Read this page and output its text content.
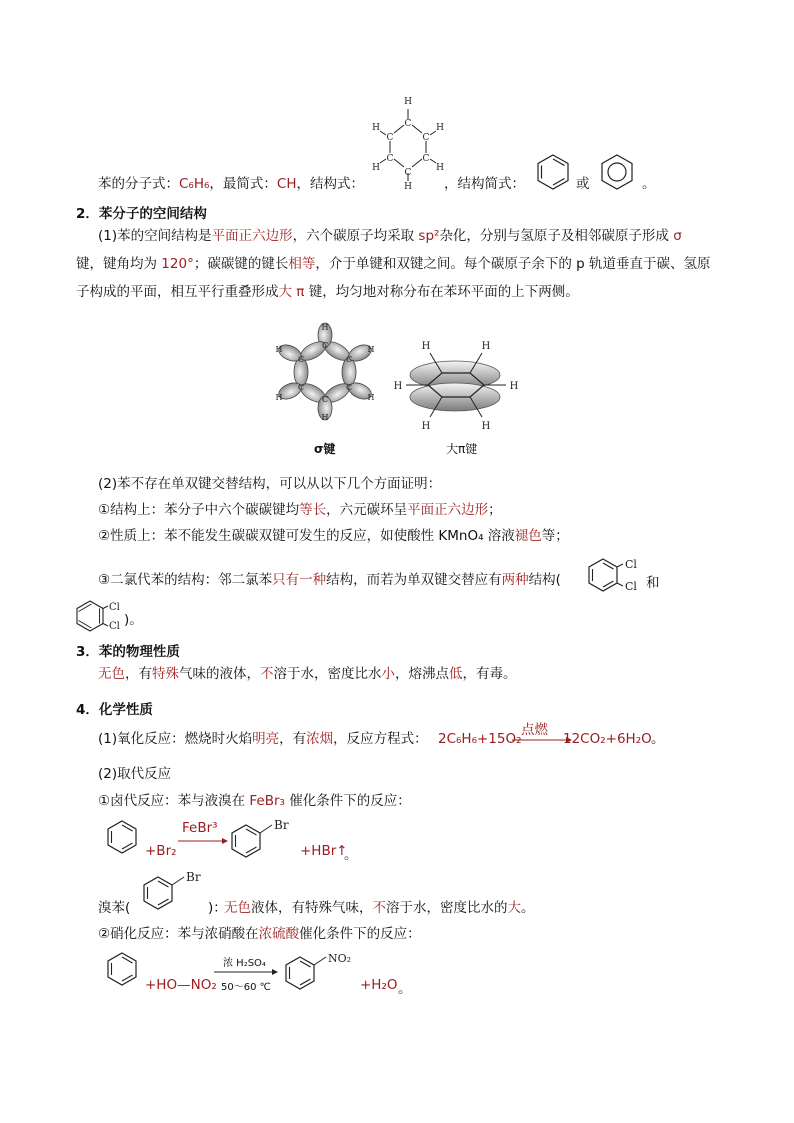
苯的分子式：C₆H₆，最简式：CH，结构式：
H
C
C	C
C	C
C
H	H
H	H
H ，结构简式：	或	。
2．苯分子的空间结构
(1)苯的空间结构是平面正六边形，六个碳原子均采取 sp²杂化，分别与氢原子及相邻碳原子形成 σ
键，键角均为 120°；碳碳键的键长相等，介于单键和双键之间。每个碳原子余下的 p 轨道垂直于碳、氢原
子构成的平面，相互平行重叠形成大 π 键，均匀地对称分布在苯环平面的上下两侧。
H
H
H	H
H	H
C
C
C	C
C	C
σ键
H	H
H	H
H	H
大π键
(2)苯不存在单双键交替结构，可以从以下几个方面证明：
①结构上：苯分子中六个碳碳键均等长，六元碳环呈平面正六边形；
②性质上：苯不能发生碳碳双键可发生的反应，如使酸性 KMnO₄ 溶液褪色等；
③二氯代苯的结构：邻二氯苯只有一种结构，而若为单双键交替应有两种结构(
Cl
Cl 和
Cl
Cl )。
3．苯的物理性质
无色，有特殊气味的液体，不溶于水，密度比水小，熔沸点低，有毒。
4．化学性质
(1)氧化反应：燃烧时火焰明亮，有浓烟，反应方程式： 2C₆H₆+15O₂
点燃
12CO₂+6H₂O 。
(2)取代反应
①卤代反应：苯与液溴在 FeBr₃ 催化条件下的反应：
+Br₂
FeBr³	Br
+HBr↑
。
溴苯(
Br
)：
无色液体，有特殊气味，不溶于水，密度比水的大。
②硝化反应：苯与浓硝酸在浓硫酸催化条件下的反应：
+HO—NO₂
浓 H₂SO₄
50～60 ℃
NO₂
+H₂O 。
